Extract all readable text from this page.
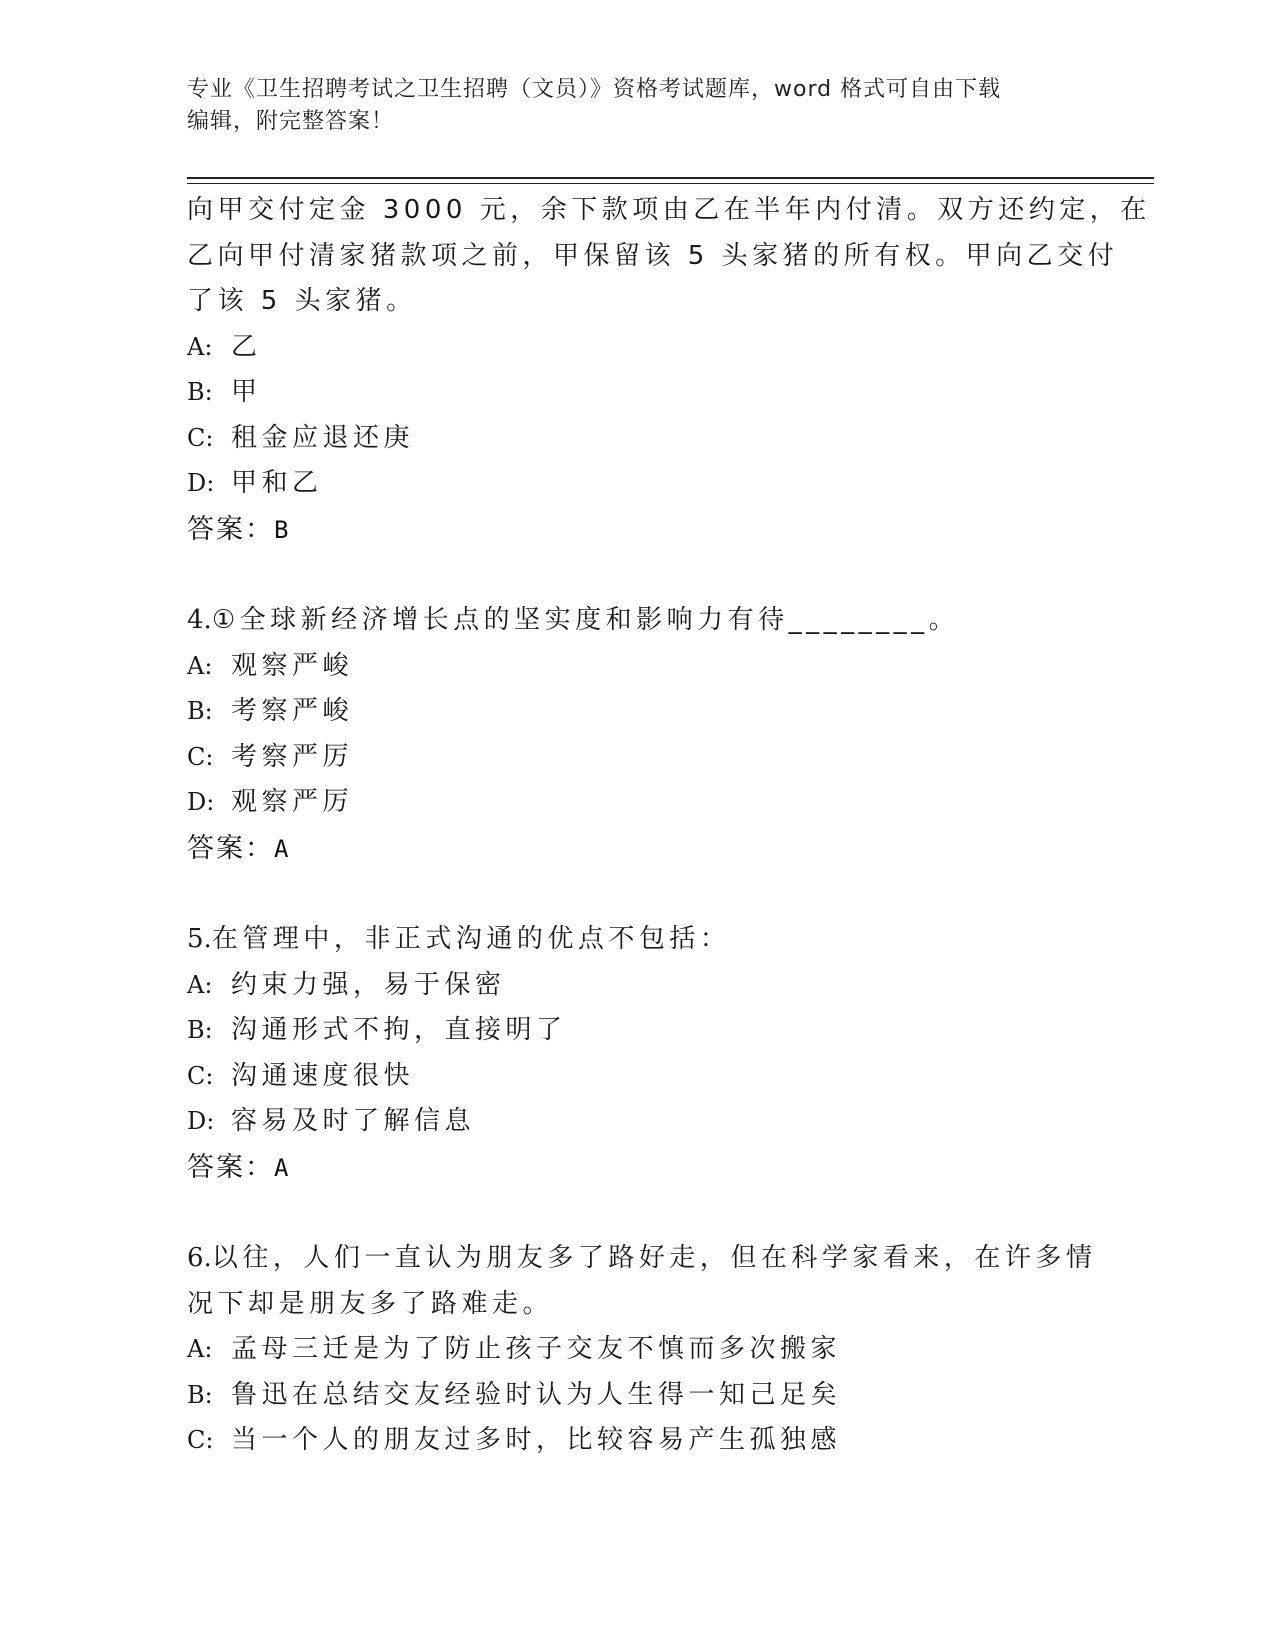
专业《卫生招聘考试之卫生招聘（文员）》资格考试题库，word 格式可自由下载
编辑，附完整答案！
向甲交付定金 3000 元，余下款项由乙在半年内付清。双方还约定，在
乙向甲付清家猪款项之前，甲保留该 5 头家猪的所有权。甲向乙交付
了该 5 头家猪。
A: 乙
B: 甲
C: 租金应退还庚
D: 甲和乙
答案：B
4.①全球新经济增长点的坚实度和影响力有待________。
A: 观察严峻
B: 考察严峻
C: 考察严厉
D: 观察严厉
答案：A
5.在管理中，非正式沟通的优点不包括：
A: 约束力强，易于保密
B: 沟通形式不拘，直接明了
C: 沟通速度很快
D: 容易及时了解信息
答案：A
6.以往，人们一直认为朋友多了路好走，但在科学家看来，在许多情
况下却是朋友多了路难走。
A: 孟母三迁是为了防止孩子交友不慎而多次搬家
B: 鲁迅在总结交友经验时认为人生得一知己足矣
C: 当一个人的朋友过多时，比较容易产生孤独感
